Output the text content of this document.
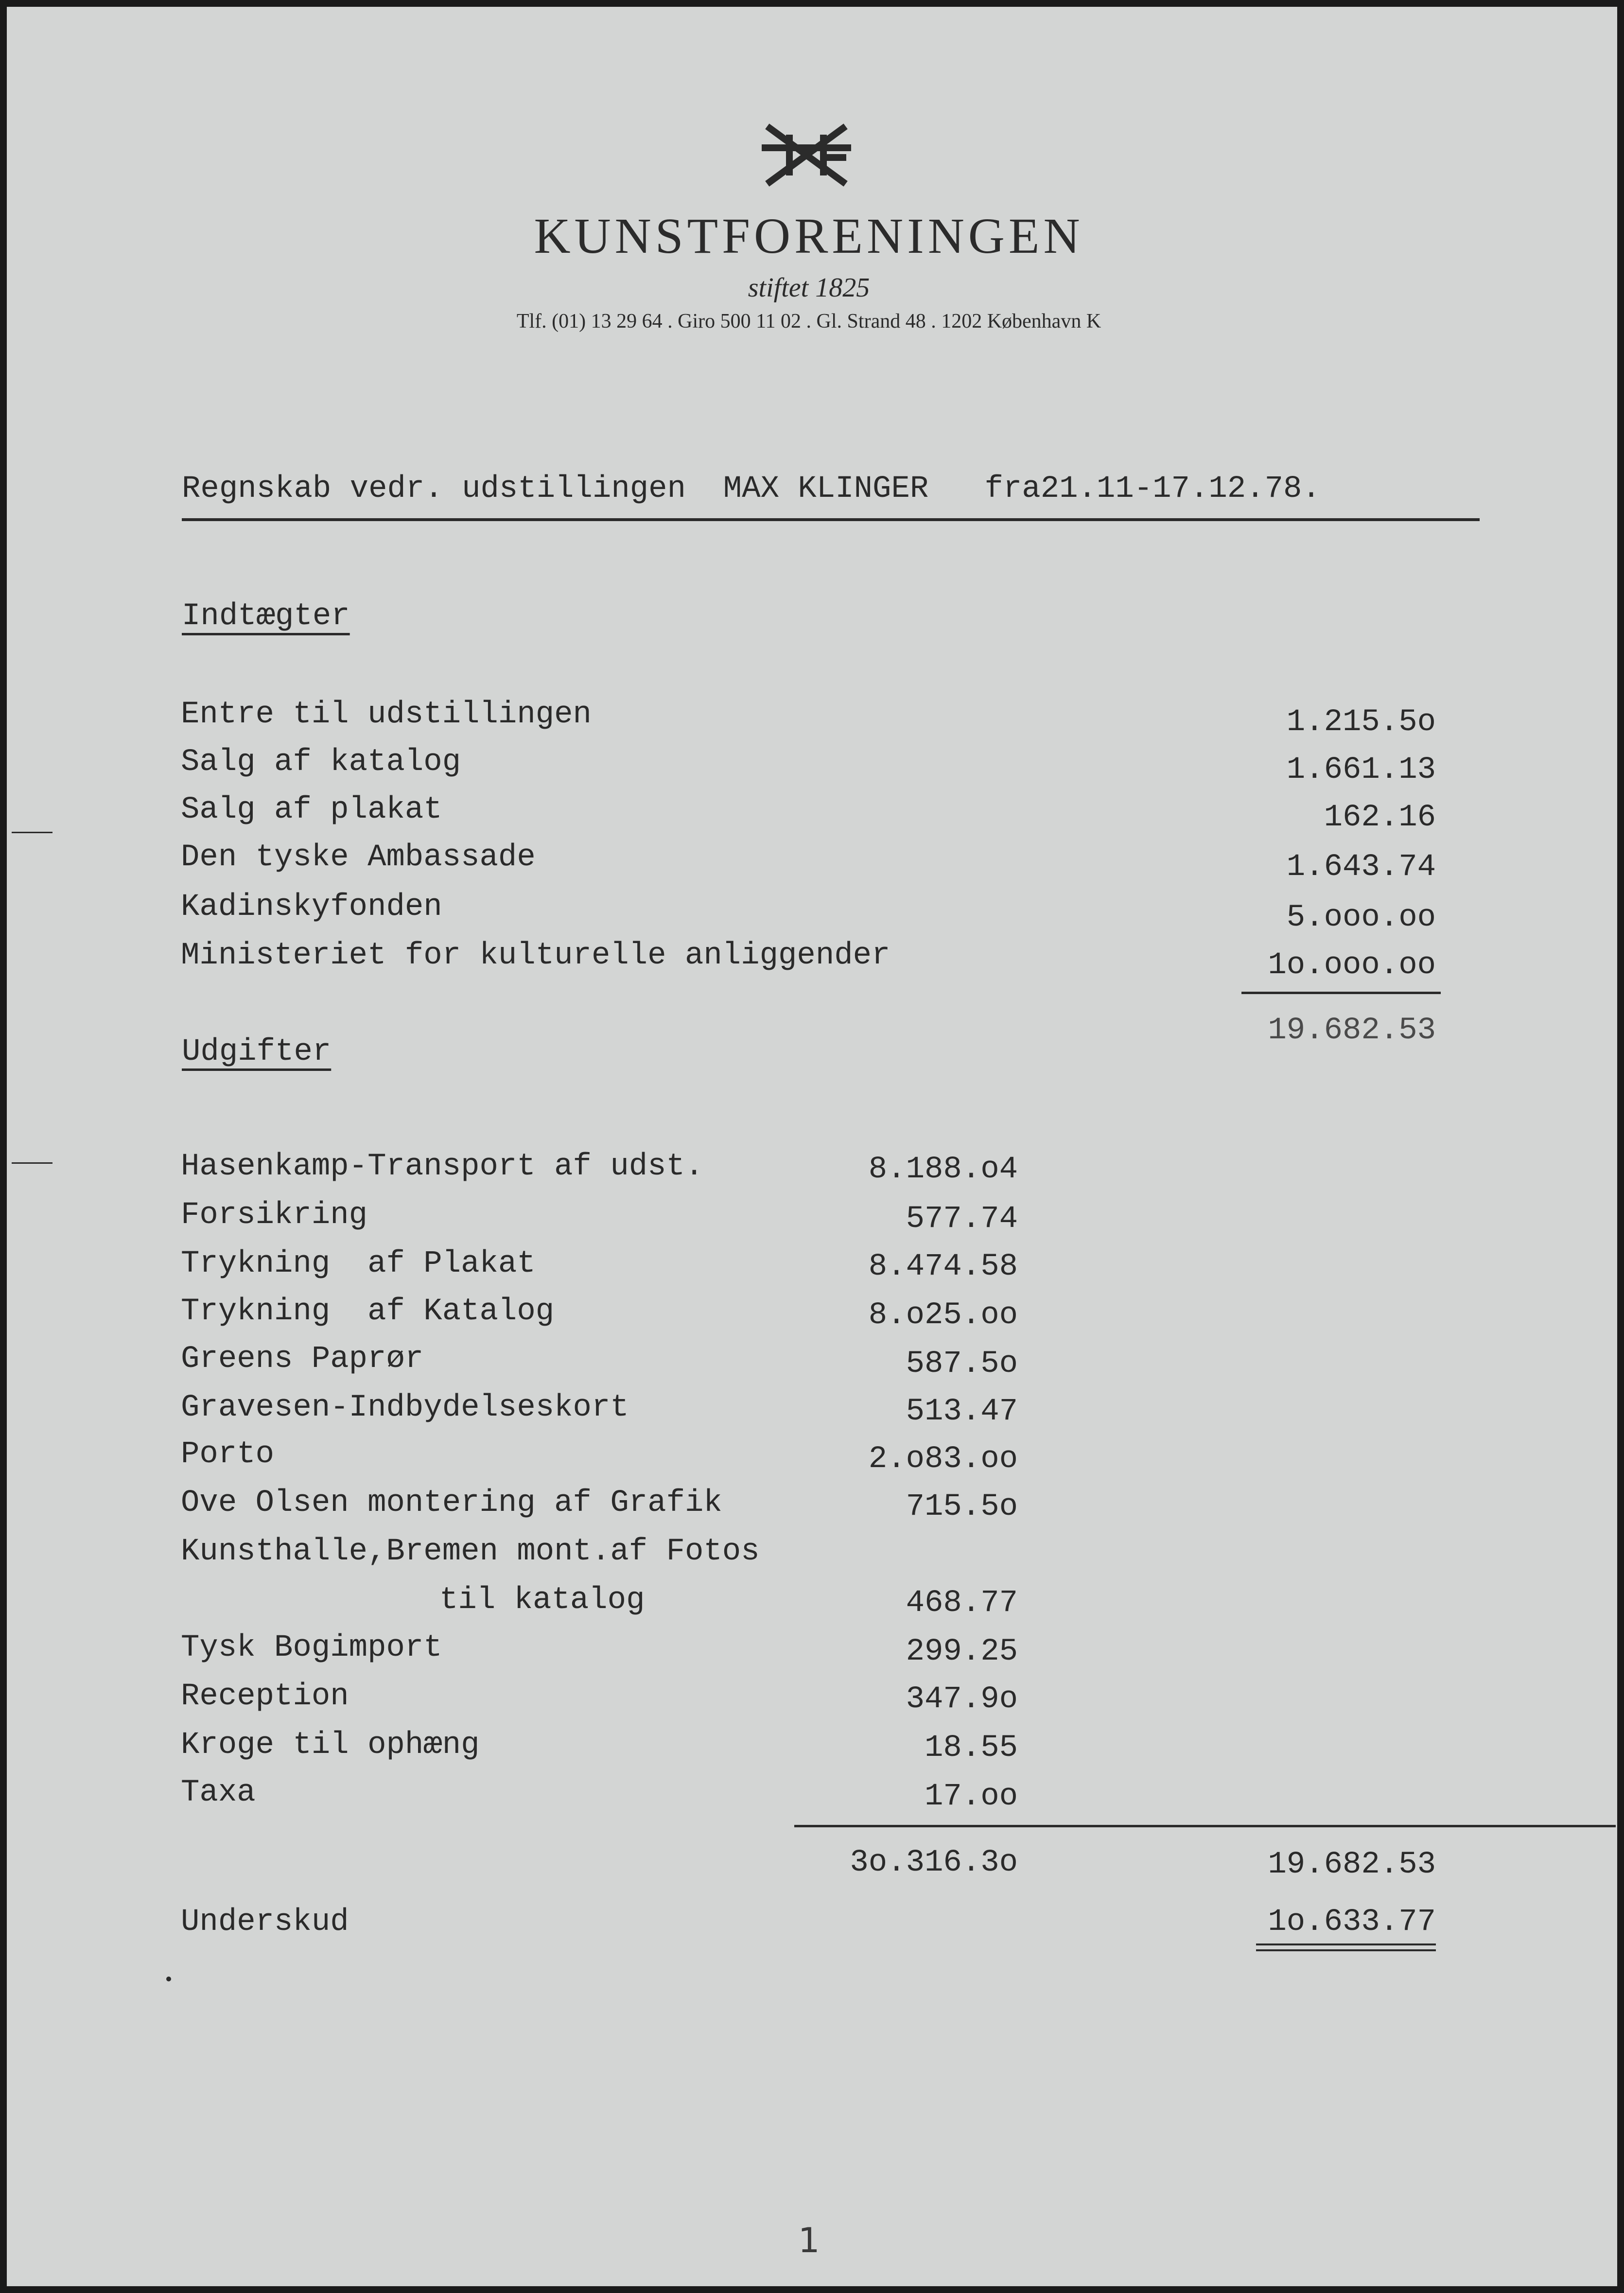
KUNSTFORENINGEN
stiftet 1825
Tlf. (01) 13 29 64 . Giro 500 11 02 . Gl. Strand 48 . 1202 København K
Regnskab vedr. udstillingen  MAX KLINGER   fra21.11-17.12.78.
Indtægter
Entre til udstillingen	1.215.5o
Salg af katalog	1.661.13
Salg af plakat	162.16
Den tyske Ambassade	1.643.74
Kadinskyfonden	5.ooo.oo
Ministeriet for kulturelle anliggender	1o.ooo.oo
19.682.53
Udgifter
Hasenkamp-Transport af udst.	8.188.o4
Forsikring	577.74
Trykning  af Plakat	8.474.58
Trykning  af Katalog	8.o25.oo
Greens Paprør	587.5o
Gravesen-Indbydelseskort	513.47
Porto	2.o83.oo
Ove Olsen montering af Grafik	715.5o
Kunsthalle,Bremen mont.af Fotos
til katalog	468.77
Tysk Bogimport	299.25
Reception	347.9o
Kroge til ophæng	18.55
Taxa	17.oo
3o.316.3o	19.682.53
Underskud	1o.633.77
1
